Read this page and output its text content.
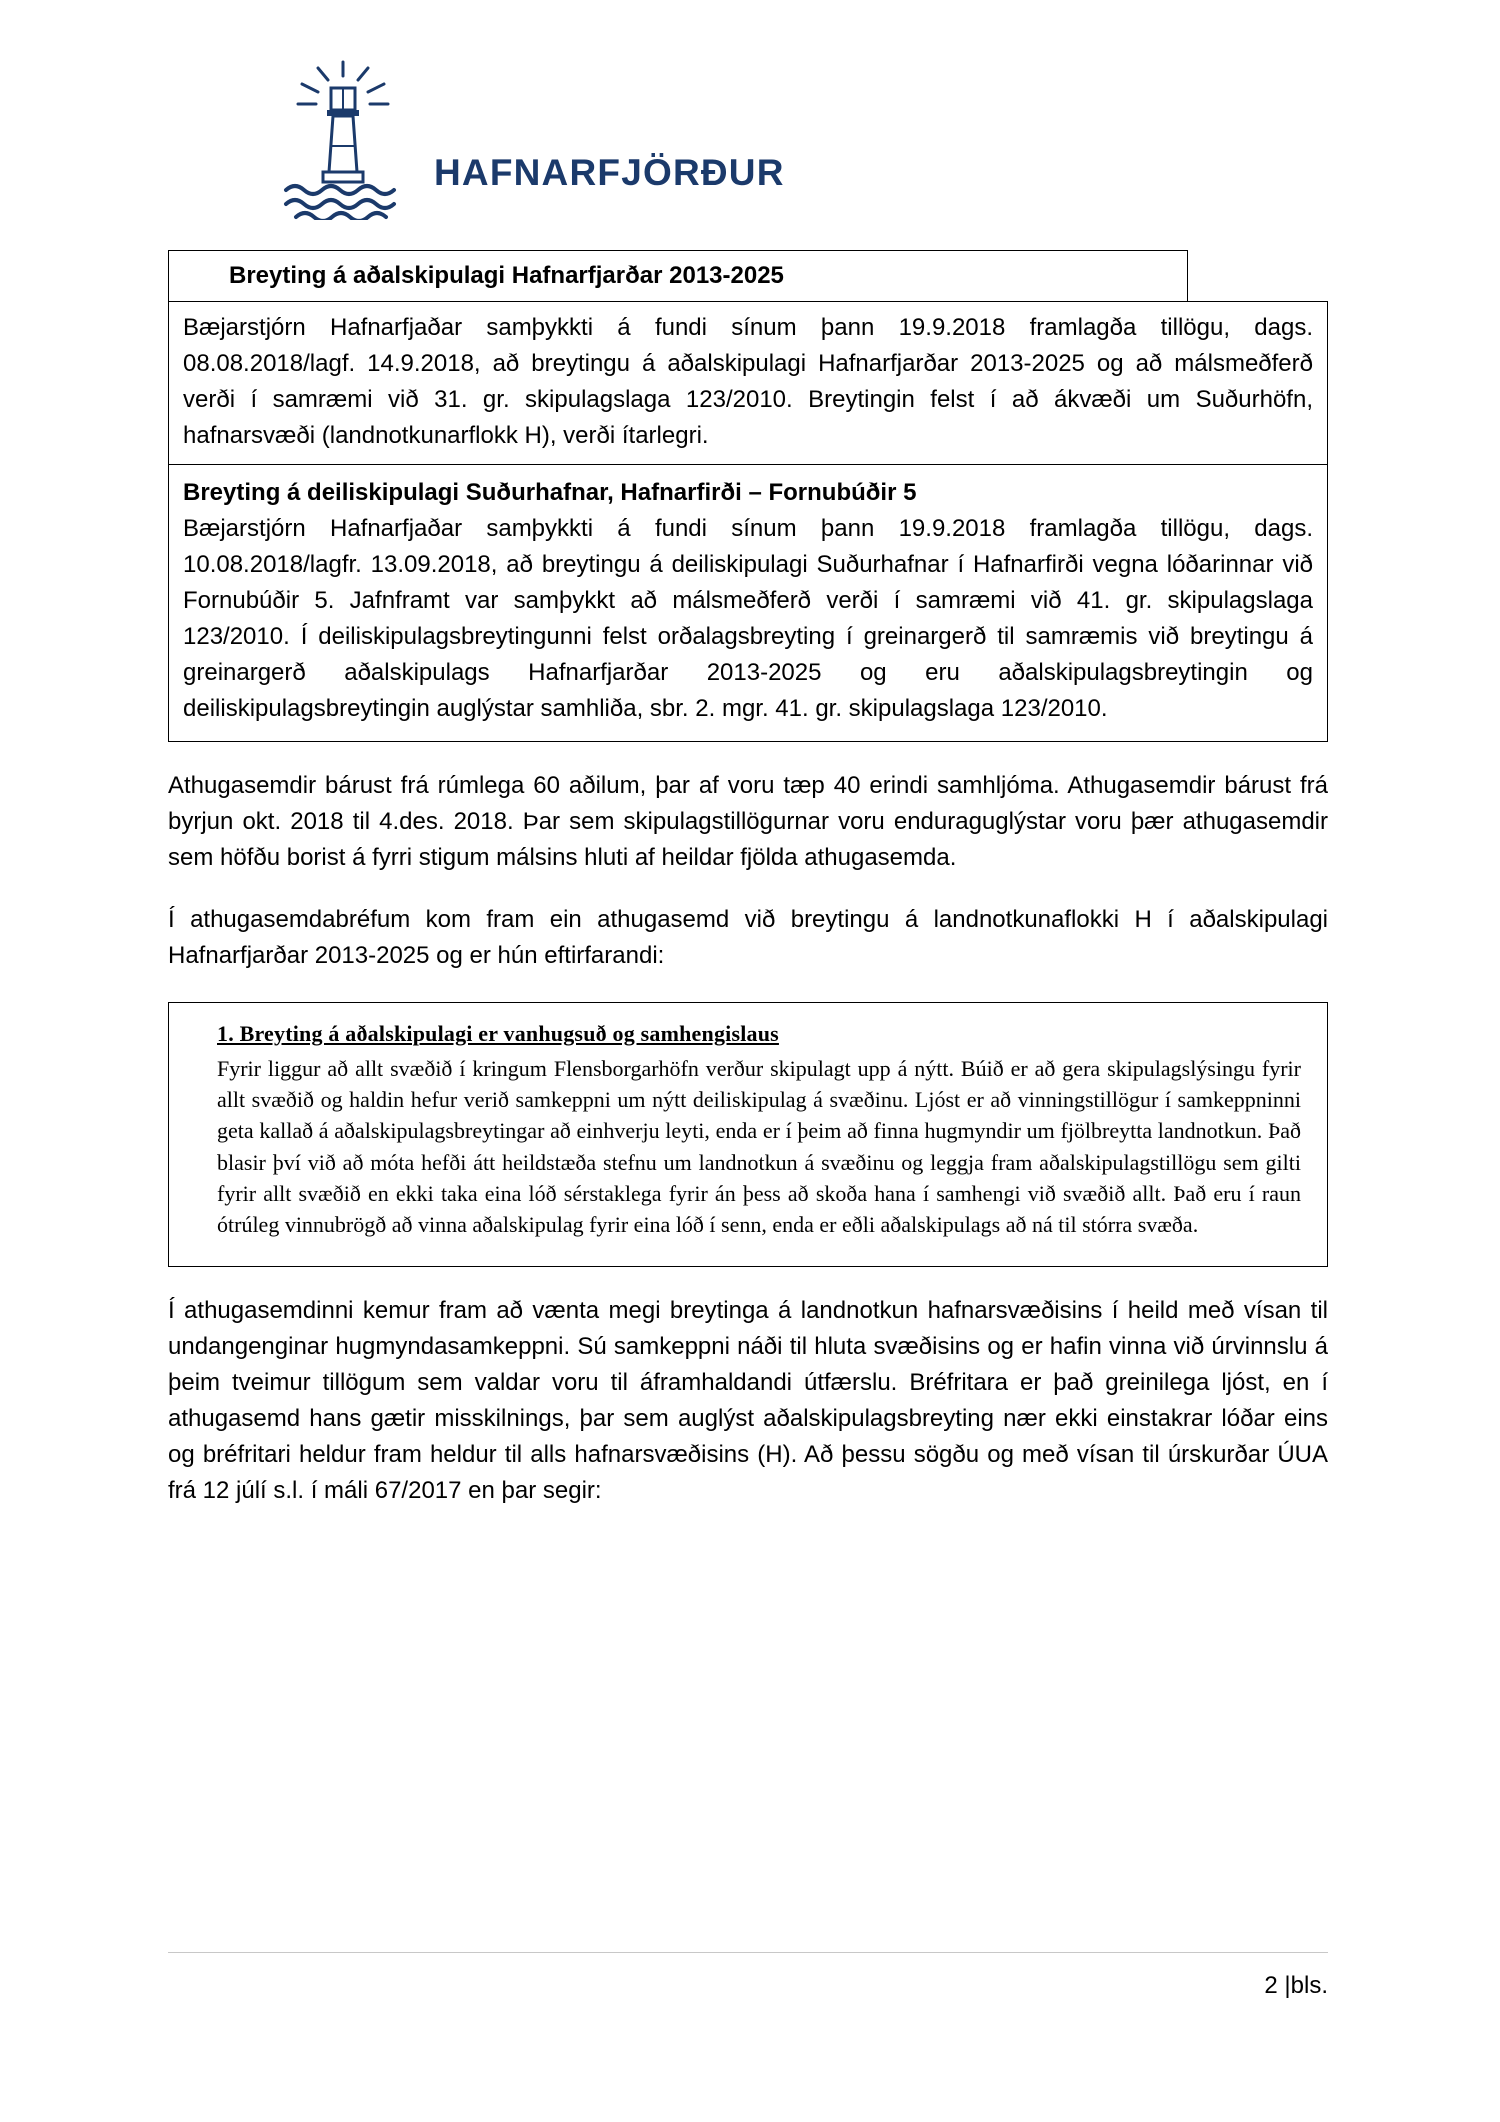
HAFNARFJÖRÐUR
Breyting á aðalskipulagi Hafnarfjarðar 2013-2025

Bæjarstjórn Hafnarfjaðar samþykkti á fundi sínum þann 19.9.2018 framlagða tillögu, dags. 08.08.2018/lagf. 14.9.2018, að breytingu á aðalskipulagi Hafnarfjarðar 2013-2025 og að málsmeðferð verði í samræmi við 31. gr. skipulagslaga 123/2010. Breytingin felst í að ákvæði um Suðurhöfn, hafnarsvæði (landnotkunarflokk H), verði ítarlegri.

Breyting á deiliskipulagi Suðurhafnar, Hafnarfirði – Fornubúðir 5

Bæjarstjórn Hafnarfjaðar samþykkti á fundi sínum þann 19.9.2018 framlagða tillögu, dags. 10.08.2018/lagfr. 13.09.2018, að breytingu á deiliskipulagi Suðurhafnar í Hafnarfirði vegna lóðarinnar við Fornubúðir 5. Jafnframt var samþykkt að málsmeðferð verði í samræmi við 41. gr. skipulagslaga 123/2010. Í deiliskipulagsbreytingunni felst orðalagsbreyting í greinargerð til samræmis við breytingu á greinargerð aðalskipulags Hafnarfjarðar 2013-2025 og eru aðalskipulagsbreytingin og deiliskipulagsbreytingin auglýstar samhliða, sbr. 2. mgr. 41. gr. skipulagslaga 123/2010.

Athugasemdir bárust frá rúmlega 60 aðilum, þar af voru tæp 40 erindi samhljóma. Athugasemdir bárust frá byrjun okt. 2018 til 4.des. 2018. Þar sem skipulagstillögurnar voru enduraguglýstar voru þær athugasemdir sem höfðu borist á fyrri stigum málsins hluti af heildar fjölda athugasemda.

Í athugasemdabréfum kom fram ein athugasemd við breytingu á landnotkunaflokki H í aðalskipulagi Hafnarfjarðar 2013-2025 og er hún eftirfarandi:

1. Breyting á aðalskipulagi er vanhugsuð og samhengislaus

Fyrir liggur að allt svæðið í kringum Flensborgarhöfn verður skipulagt upp á nýtt. Búið er að gera skipulagslýsingu fyrir allt svæðið og haldin hefur verið samkeppni um nýtt deiliskipulag á svæðinu. Ljóst er að vinningstillögur í samkeppninni geta kallað á aðalskipulagsbreytingar að einhverju leyti, enda er í þeim að finna hugmyndir um fjölbreytta landnotkun. Það blasir því við að móta hefði átt heildstæða stefnu um landnotkun á svæðinu og leggja fram aðalskipulagstillögu sem gilti fyrir allt svæðið en ekki taka eina lóð sérstaklega fyrir án þess að skoða hana í samhengi við svæðið allt. Það eru í raun ótrúleg vinnubrögð að vinna aðalskipulag fyrir eina lóð í senn, enda er eðli aðalskipulags að ná til stórra svæða.

Í athugasemdinni kemur fram að vænta megi breytinga á landnotkun hafnarsvæðisins í heild með vísan til undangenginar hugmyndasamkeppni. Sú samkeppni náði til hluta svæðisins og er hafin vinna við úrvinnslu á þeim tveimur tillögum sem valdar voru til áframhaldandi útfærslu. Bréfritara er það greinilega ljóst, en í athugasemd hans gætir misskilnings, þar sem auglýst aðalskipulagsbreyting nær ekki einstakrar lóðar eins og bréfritari heldur fram heldur til alls hafnarsvæðisins (H). Að þessu sögðu og með vísan til úrskurðar ÚUA frá 12 júlí s.l. í máli 67/2017 en þar segir:

2 |bls.
